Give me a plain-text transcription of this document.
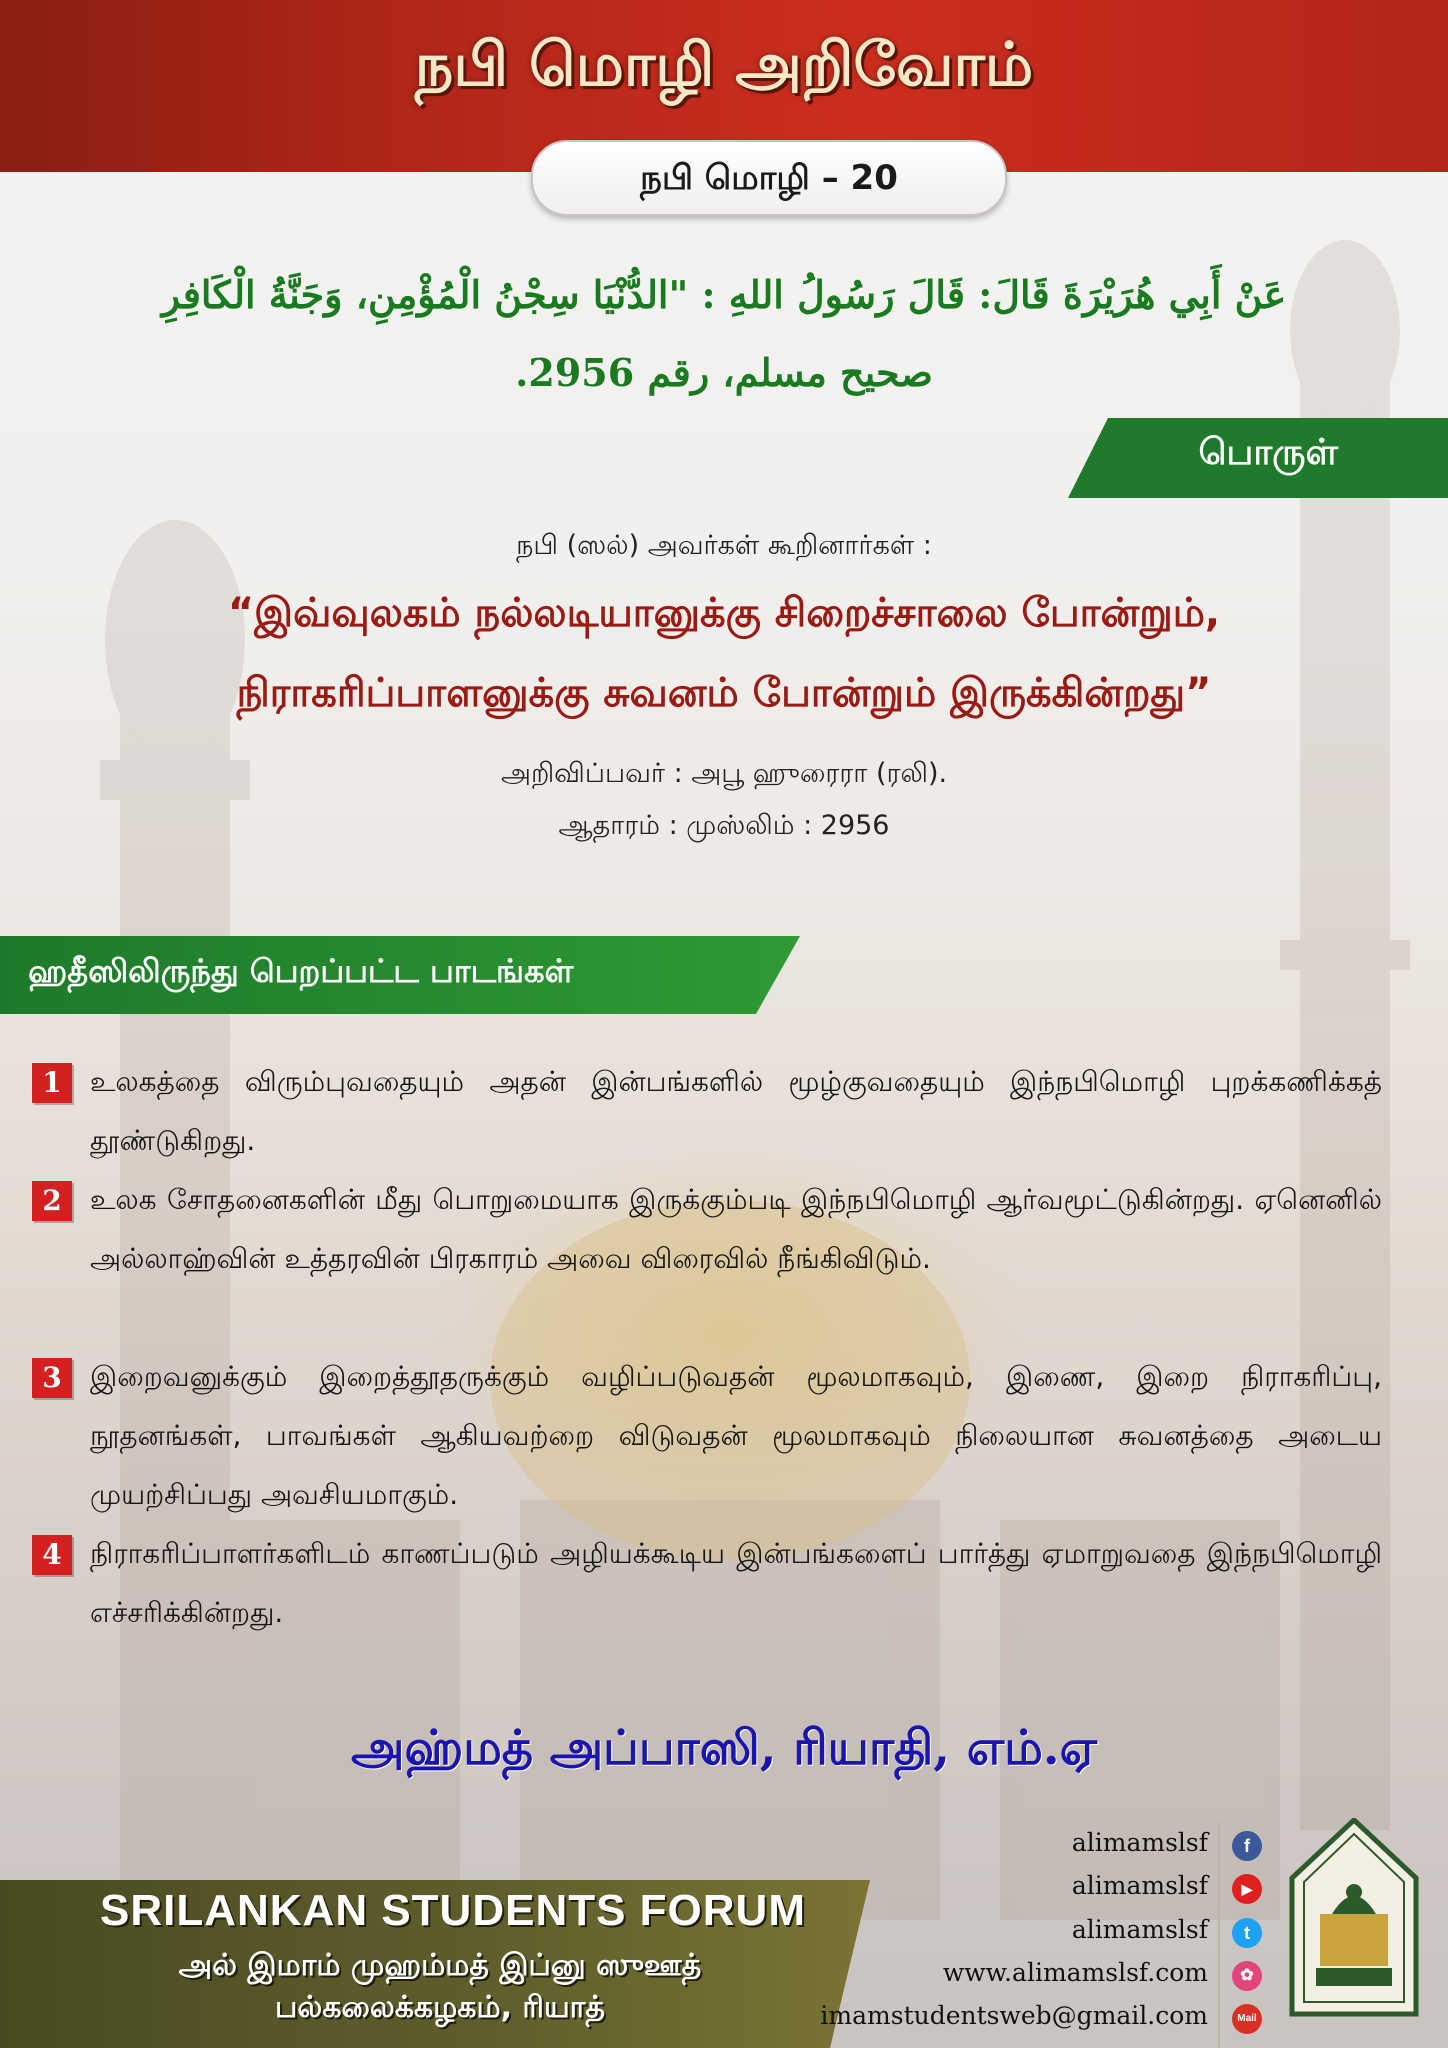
நபி மொழி அறிவோம்
நபி மொழி – 20
عَنْ أَبِي هُرَيْرَةَ قَالَ: قَالَ رَسُولُ اللهِ : "الدُّنْيَا سِجْنُ الْمُؤْمِنِ، وَجَنَّةُ الْكَافِرِ
صحيح مسلم، رقم 2956.
பொருள்
நபி (ஸல்) அவர்கள் கூறினார்கள் :
“இவ்வுலகம் நல்லடியானுக்கு சிறைச்சாலை போன்றும்,
நிராகரிப்பாளனுக்கு சுவனம் போன்றும் இருக்கின்றது”
அறிவிப்பவர் : அபூ ஹுரைரா (ரலி).
ஆதாரம் : முஸ்லிம் : 2956
ஹதீஸிலிருந்து பெறப்பட்ட பாடங்கள்
1	உலகத்தை விரும்புவதையும் அதன் இன்பங்களில் மூழ்குவதையும் இந்நபிமொழி புறக்கணிக்கத் தூண்டுகிறது.
2	உலக சோதனைகளின் மீது பொறுமையாக இருக்கும்படி இந்நபிமொழி ஆர்வமூட்டுகின்றது. ஏனெனில் அல்லாஹ்வின் உத்தரவின் பிரகாரம் அவை விரைவில் நீங்கிவிடும்.
3	இறைவனுக்கும் இறைத்தூதருக்கும் வழிப்படுவதன் மூலமாகவும், இணை, இறை நிராகரிப்பு, நூதனங்கள், பாவங்கள் ஆகியவற்றை விடுவதன் மூலமாகவும் நிலையான சுவனத்தை அடைய முயற்சிப்பது அவசியமாகும்.
4	நிராகரிப்பாளர்களிடம் காணப்படும் அழியக்கூடிய இன்பங்களைப் பார்த்து ஏமாறுவதை இந்நபிமொழி எச்சரிக்கின்றது.
அஹ்மத் அப்பாஸி, ரியாதி, எம்.ஏ
SRILANKAN STUDENTS FORUM
அல் இமாம் முஹம்மத் இப்னு ஸுஊத்
பல்கலைக்கழகம், ரியாத்
alimamslsf	f
alimamslsf	▶
alimamslsf	t
www.alimamslsf.com	✿
imamstudentsweb@gmail.com	Mail
